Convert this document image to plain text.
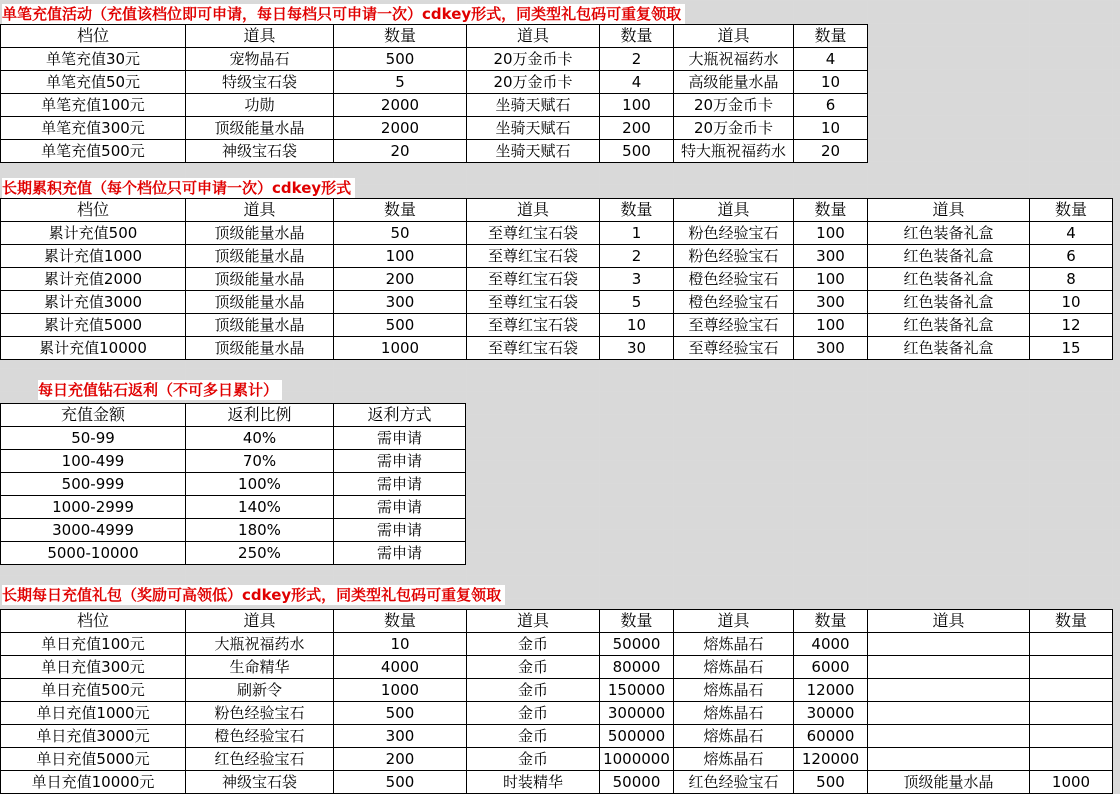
单笔充值活动（充值该档位即可申请，每日每档只可申请一次）cdkey形式，同类型礼包码可重复领取
档位	道具	数量	道具	数量	道具	数量
单笔充值30元	宠物晶石	500	20万金币卡	2	大瓶祝福药水	4
单笔充值50元	特级宝石袋	5	20万金币卡	4	高级能量水晶	10
单笔充值100元	功勋	2000	坐骑天赋石	100	20万金币卡	6
单笔充值300元	顶级能量水晶	2000	坐骑天赋石	200	20万金币卡	10
单笔充值500元	神级宝石袋	20	坐骑天赋石	500	特大瓶祝福药水	20
长期累积充值（每个档位只可申请一次）cdkey形式
档位	道具	数量	道具	数量	道具	数量	道具	数量
累计充值500	顶级能量水晶	50	至尊红宝石袋	1	粉色经验宝石	100	红色装备礼盒	4
累计充值1000	顶级能量水晶	100	至尊红宝石袋	2	粉色经验宝石	300	红色装备礼盒	6
累计充值2000	顶级能量水晶	200	至尊红宝石袋	3	橙色经验宝石	100	红色装备礼盒	8
累计充值3000	顶级能量水晶	300	至尊红宝石袋	5	橙色经验宝石	300	红色装备礼盒	10
累计充值5000	顶级能量水晶	500	至尊红宝石袋	10	至尊经验宝石	100	红色装备礼盒	12
累计充值10000	顶级能量水晶	1000	至尊红宝石袋	30	至尊经验宝石	300	红色装备礼盒	15
每日充值钻石返利（不可多日累计）
充值金额	返利比例	返利方式
50-99	40%	需申请
100-499	70%	需申请
500-999	100%	需申请
1000-2999	140%	需申请
3000-4999	180%	需申请
5000-10000	250%	需申请
长期每日充值礼包（奖励可高领低）cdkey形式，同类型礼包码可重复领取
档位	道具	数量	道具	数量	道具	数量	道具	数量
单日充值100元	大瓶祝福药水	10	金币	50000	熔炼晶石	4000		
单日充值300元	生命精华	4000	金币	80000	熔炼晶石	6000		
单日充值500元	刷新令	1000	金币	150000	熔炼晶石	12000		
单日充值1000元	粉色经验宝石	500	金币	300000	熔炼晶石	30000		
单日充值3000元	橙色经验宝石	300	金币	500000	熔炼晶石	60000		
单日充值5000元	红色经验宝石	200	金币	1000000	熔炼晶石	120000		
单日充值10000元	神级宝石袋	500	时装精华	50000	红色经验宝石	500	顶级能量水晶	1000
